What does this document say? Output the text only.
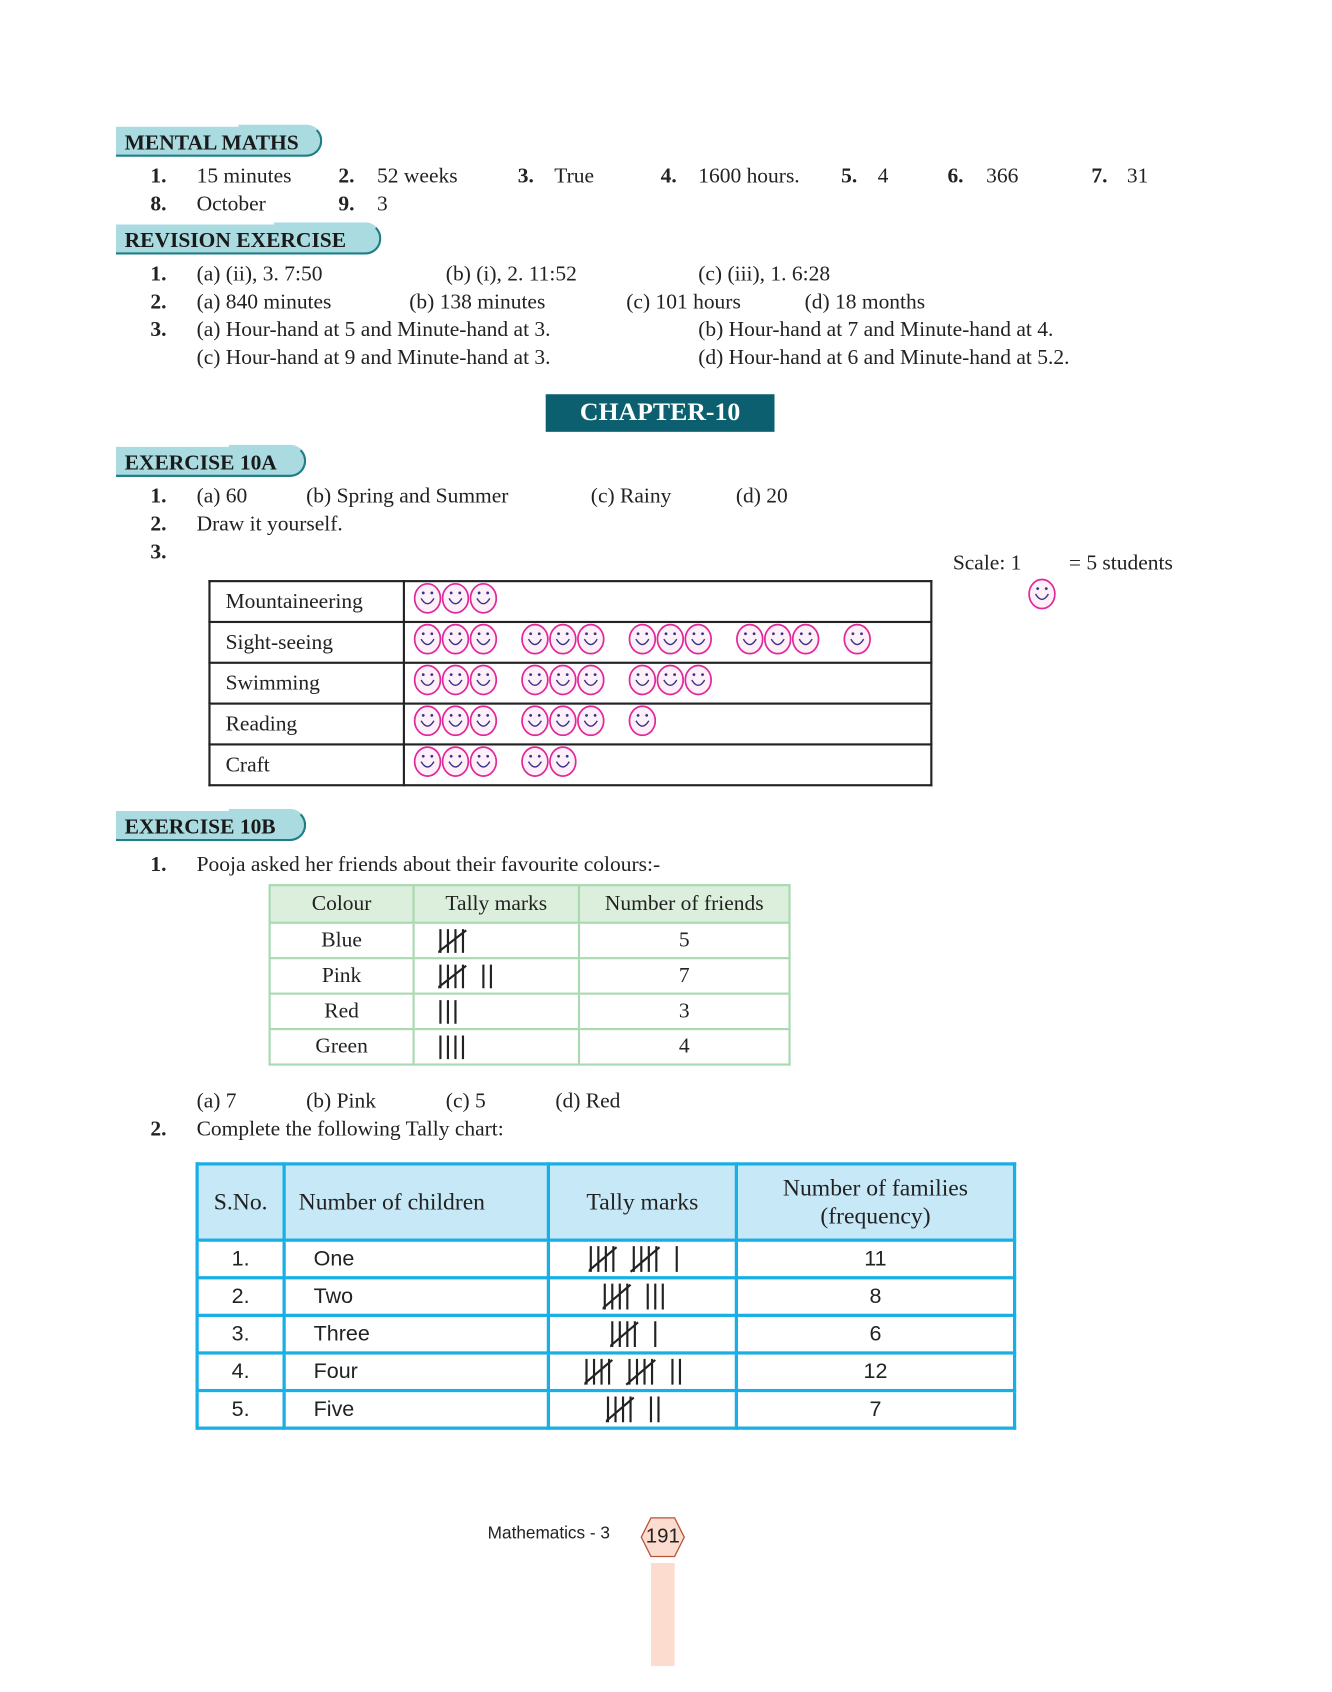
MENTAL MATHS
1. 15 minutes 2. 52 weeks	3. True	4. 1600 hours. 5. 4	6. 366	7. 31
8. October	9. 3
REVISION EXERCISE
1. (a) (ii), 3. 7:50	(b) (i), 2. 11:52	(c) (iii), 1. 6:28
2. (a) 840 minutes	(b) 138 minutes	(c) 101 hours	(d) 18 months
3. (a) Hour-hand at 5 and Minute-hand at 3.	(b) Hour-hand at 7 and Minute-hand at 4.
(c) Hour-hand at 9 and Minute-hand at 3.	(d) Hour-hand at 6 and Minute-hand at 5.2.
CHAPTER-10
EXERCISE 10A
1. (a) 60	(b) Spring and Summer	(c) Rainy	(d) 20
2. Draw it yourself.
3.	Scale: 1 = 5 students
Mountaineering	
Sight-seeing	
Swimming	
Reading	
Craft	
EXERCISE 10B
1. Pooja asked her friends about their favourite colours:-
Colour	Tally marks	Number of friends
Blue		5
Pink		7
Red		3
Green		4
(a) 7	(b) Pink	(c) 5	(d) Red
2. Complete the following Tally chart:
S.No.	Number of children	Tally marks	Number of families
(frequency)

1.	One		11
2.	Two		8
3.	Three		6
4.	Four		12
5.	Five		7
Mathematics - 3 191
